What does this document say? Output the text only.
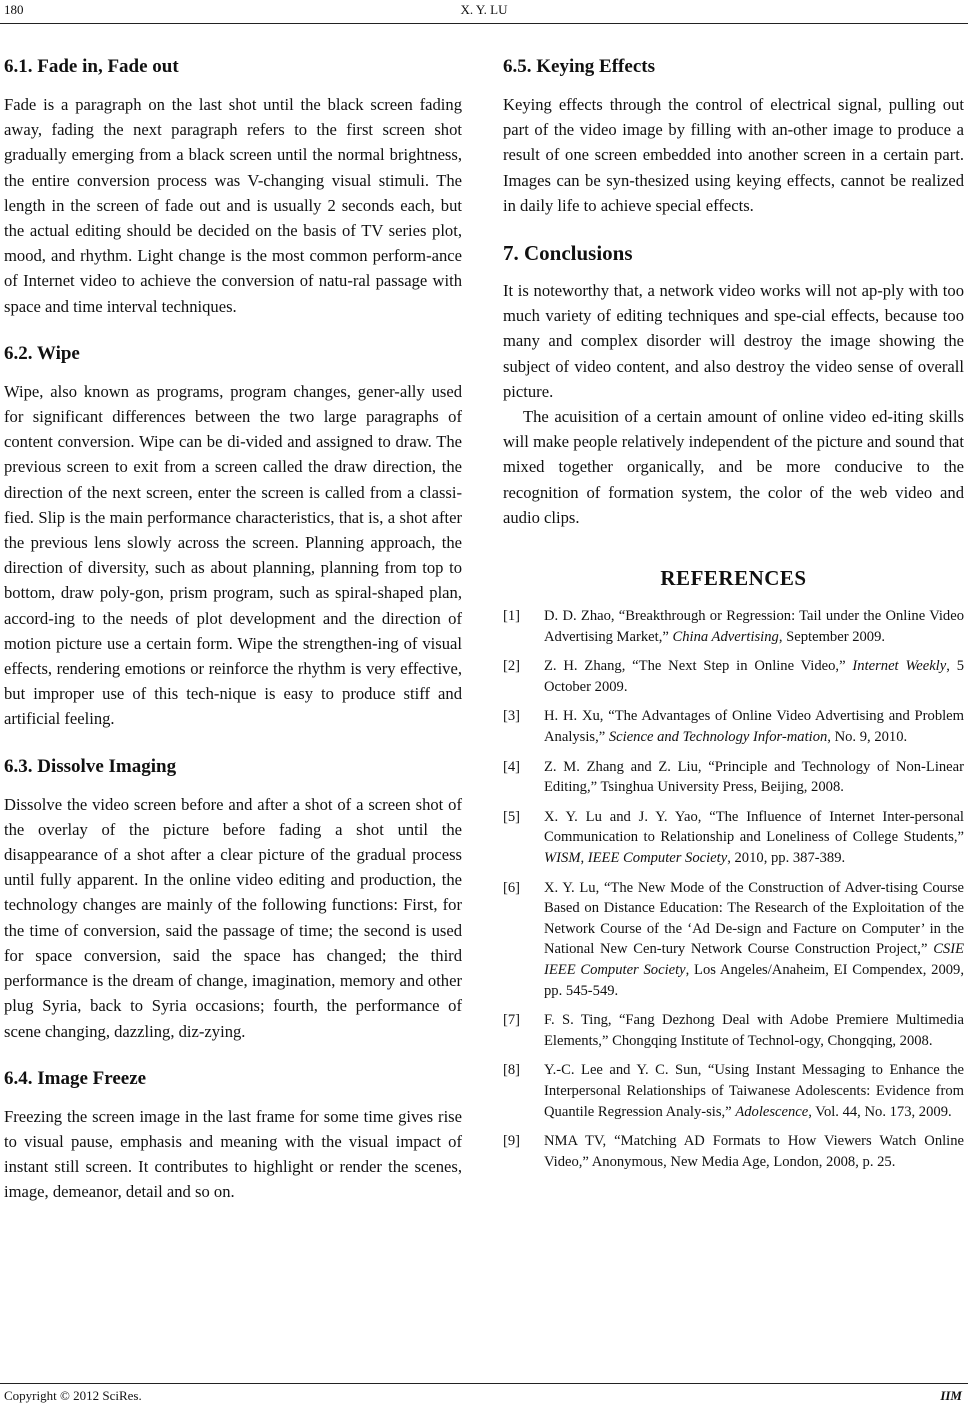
180	X. Y. LU
6.1. Fade in, Fade out

Fade is a paragraph on the last shot until the black screen fading away, fading the next paragraph refers to the first screen shot gradually emerging from a black screen until the normal brightness, the entire conversion process was V-changing visual stimuli. The length in the screen of fade out and is usually 2 seconds each, but the actual editing should be decided on the basis of TV series plot, mood, and rhythm. Light change is the most common perform-ance of Internet video to achieve the conversion of natu-ral passage with space and time interval techniques.

6.2. Wipe

Wipe, also known as programs, program changes, gener-ally used for significant differences between the two large paragraphs of content conversion. Wipe can be di-vided and assigned to draw. The previous screen to exit from a screen called the draw direction, the direction of the next screen, enter the screen is called from a classi-fied. Slip is the main performance characteristics, that is, a shot after the previous lens slowly across the screen. Planning approach, the direction of diversity, such as about planning, planning from top to bottom, draw poly-gon, prism program, such as spiral-shaped plan, accord-ing to the needs of plot development and the direction of motion picture use a certain form. Wipe the strengthen-ing of visual effects, rendering emotions or reinforce the rhythm is very effective, but improper use of this tech-nique is easy to produce stiff and artificial feeling.

6.3. Dissolve Imaging

Dissolve the video screen before and after a shot of a screen shot of the overlay of the picture before fading a shot until the disappearance of a shot after a clear picture of the gradual process until fully apparent. In the online video editing and production, the technology changes are mainly of the following functions: First, for the time of conversion, said the passage of time; the second is used for space conversion, said the space has changed; the third performance is the dream of change, imagination, memory and other plug Syria, back to Syria occasions; fourth, the performance of scene changing, dazzling, diz-zying.

6.4. Image Freeze

Freezing the screen image in the last frame for some time gives rise to visual pause, emphasis and meaning with the visual impact of instant still screen. It contributes to highlight or render the scenes, image, demeanor, detail and so on.

6.5. Keying Effects

Keying effects through the control of electrical signal, pulling out part of the video image by filling with an-other image to produce a result of one screen embedded into another screen in a certain part. Images can be syn-thesized using keying effects, cannot be realized in daily life to achieve special effects.

7. Conclusions

It is noteworthy that, a network video works will not ap-ply with too much variety of editing techniques and spe-cial effects, because too many and complex disorder will destroy the image showing the subject of video content, and also destroy the video sense of overall picture.

The acuisition of a certain amount of online video ed-iting skills will make people relatively independent of the picture and sound that mixed together organically, and be more conducive to the recognition of formation system, the color of the web video and audio clips.

REFERENCES
[1] D. D. Zhao, “Breakthrough or Regression: Tail under the Online Video Advertising Market,” China Advertising, September 2009.
[2] Z. H. Zhang, “The Next Step in Online Video,” Internet Weekly, 5 October 2009.
[3] H. H. Xu, “The Advantages of Online Video Advertising and Problem Analysis,” Science and Technology Infor-mation, No. 9, 2010.
[4] Z. M. Zhang and Z. Liu, “Principle and Technology of Non-Linear Editing,” Tsinghua University Press, Beijing, 2008.
[5] X. Y. Lu and J. Y. Yao, “The Influence of Internet Inter-personal Communication to Relationship and Loneliness of College Students,” WISM, IEEE Computer Society, 2010, pp. 387-389.
[6] X. Y. Lu, “The New Mode of the Construction of Adver-tising Course Based on Distance Education: The Research of the Exploitation of the Network Course of the ‘Ad De-sign and Facture on Computer’ in the National New Cen-tury Network Course Construction Project,” CSIE IEEE Computer Society, Los Angeles/Anaheim, EI Compendex, 2009, pp. 545-549.
[7] F. S. Ting, “Fang Dezhong Deal with Adobe Premiere Multimedia Elements,” Chongqing Institute of Technol-ogy, Chongqing, 2008.
[8] Y.-C. Lee and Y. C. Sun, “Using Instant Messaging to Enhance the Interpersonal Relationships of Taiwanese Adolescents: Evidence from Quantile Regression Analy-sis,” Adolescence, Vol. 44, No. 173, 2009.
[9] NMA TV, “Matching AD Formats to How Viewers Watch Online Video,” Anonymous, New Media Age, London, 2008, p. 25.
Copyright © 2012 SciRes.	IIM
